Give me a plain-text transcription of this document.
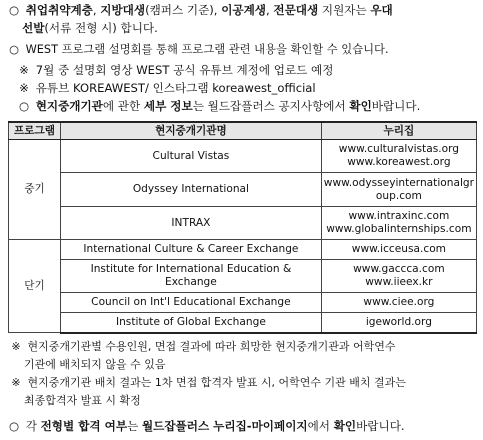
○ 취업취약계층, 지방대생(캠퍼스 기준), 이공계생, 전문대생 지원자는 우대
선발(서류 전형 시) 합니다.
○ WEST 프로그램 설명회를 통해 프로그램 관련 내용을 확인할 수 있습니다.
※ 7월 중 설명회 영상 WEST 공식 유튜브 계정에 업로드 예정
※ 유튜브 KOREAWEST/ 인스타그램 koreawest_official
○ 현지중개기관에 관한 세부 정보는 월드잡플러스 공지사항에서 확인바랍니다.
프로그램	현지중개기관명	누리집
중기	Cultural Vistas	www.culturalvistas.org
www.koreawest.org

	Odyssey International	www.odysseyinternationalgr
oup.com

	INTRAX	www.intraxinc.com
www.globalinternships.com

단기	International Culture & Career Exchange	www.icceusa.com

	Institute for International Education & Exchange	www.gaccca.com
www.iieex.kr

	Council on Int'l Educational Exchange	www.ciee.org

	Institute of Global Exchange	igeworld.org
※ 현지중개기관별 수용인원, 면접 결과에 따라 희망한 현지중개기관과 어학연수
기관에 배치되지 않을 수 있음
※ 현지중개기관 배치 결과는 1차 면접 합격자 발표 시, 어학연수 기관 배치 결과는
최종합격자 발표 시 확정
○ 각 전형별 합격 여부는 월드잡플러스 누리집-마이페이지에서 확인바랍니다.
